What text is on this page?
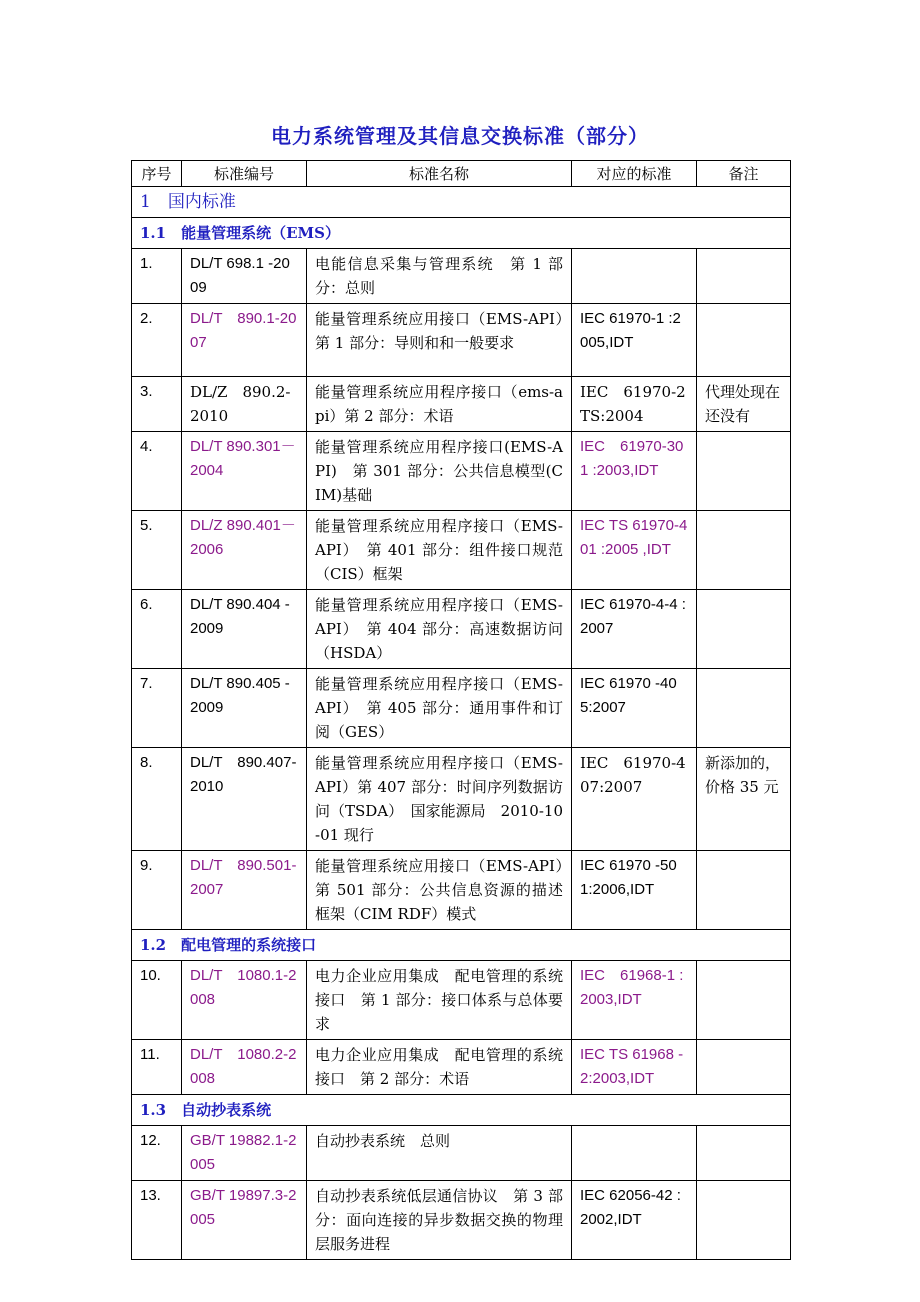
电力系统管理及其信息交换标准（部分）
序号	标准编号	标准名称	对应的标准	备注
1　国内标准				
1.1　能量管理系统（EMS）				
1.	DL/T 698.1 -2009	电能信息采集与管理系统　第 1 部分：总则		
2.	DL/T　890.1-2007	能量管理系统应用接口（EMS-API）　第 1 部分：导则和和一般要求	IEC 61970-1 :2005,IDT	
3.	DL/Z　890.2-2010	能量管理系统应用程序接口（ems-api）第 2 部分：术语	IEC　61970-2 TS:2004	代理处现在还没有
4.	DL/T 890.301－2004	能量管理系统应用程序接口(EMS-API)　第 301 部分：公共信息模型(CIM)基础	IEC　61970-301 :2003,IDT	
5.	DL/Z 890.401－2006	能量管理系统应用程序接口（EMS-API）　第 401 部分：组件接口规范（CIS）框架	IEC TS 61970-401 :2005 ,IDT	
6.	DL/T 890.404 -2009	能量管理系统应用程序接口（EMS-API）　第 404 部分：高速数据访问（HSDA）	IEC 61970-4-4 :2007	
7.	DL/T 890.405 -2009	能量管理系统应用程序接口（EMS-API）　第 405 部分：通用事件和订阅（GES）	IEC 61970 -405:2007	
8.	DL/T　890.407-2010	能量管理系统应用程序接口（EMS-API）第 407 部分：时间序列数据访问（TSDA）　国家能源局　2010-10-01 现行	IEC　61970-407:2007	新添加的，价格 35 元
9.	DL/T　890.501-2007	能量管理系统应用接口（EMS-API）　第 501 部分：公共信息资源的描述框架（CIM RDF）模式	IEC 61970 -501:2006,IDT	
1.2　配电管理的系统接口				
10.	DL/T　1080.1-2008	电力企业应用集成　配电管理的系统接口　第 1 部分：接口体系与总体要求	IEC　61968-1 :2003,IDT	
11.	DL/T　1080.2-2008	电力企业应用集成　配电管理的系统接口　第 2 部分：术语	IEC TS 61968 -2:2003,IDT	
1.3　自动抄表系统				
12.	GB/T 19882.1-2005	自动抄表系统　总则		
13.	GB/T 19897.3-2005	自动抄表系统低层通信协议　第 3 部分：面向连接的异步数据交换的物理层服务进程	IEC 62056-42 :2002,IDT	
